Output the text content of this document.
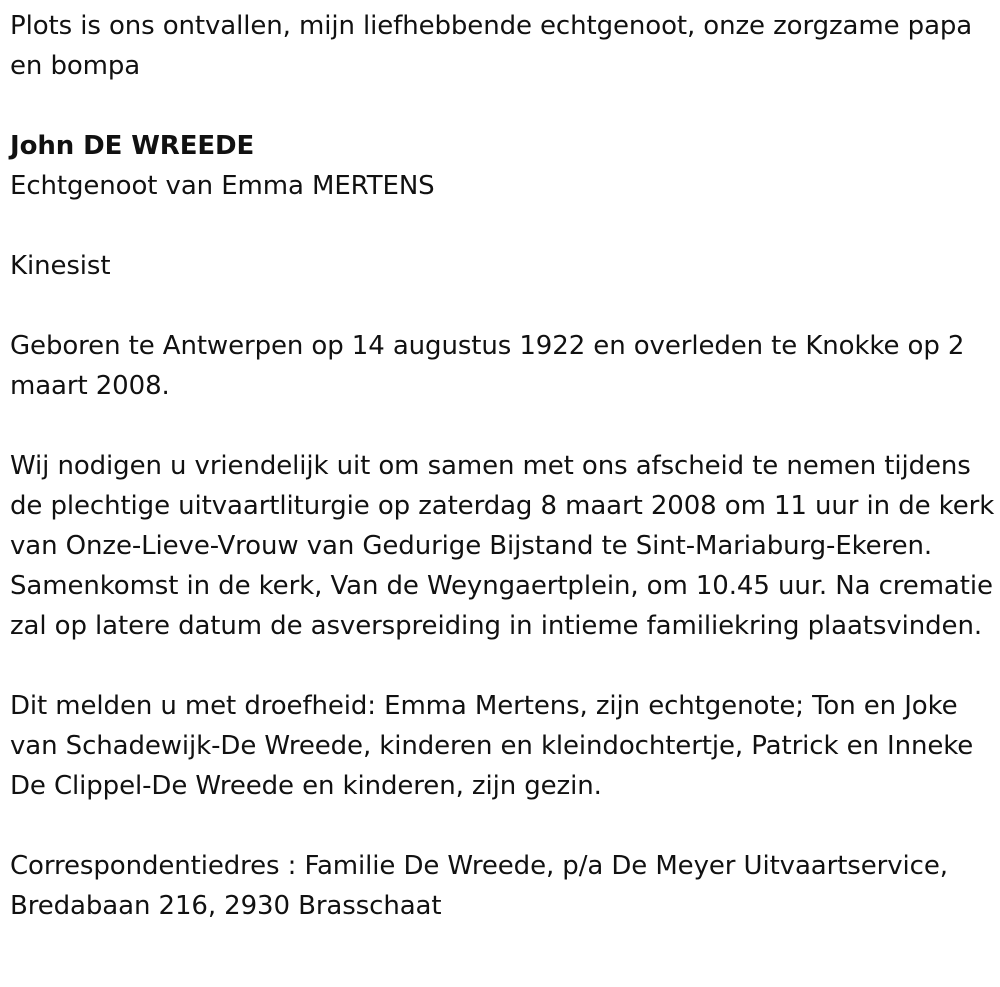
Plots is ons ontvallen, mijn liefhebbende echtgenoot, onze zorgzame papa en bompa

John DE WREEDE

Echtgenoot van Emma MERTENS

Kinesist

Geboren te Antwerpen op 14 augustus 1922 en overleden te Knokke op 2 maart 2008.

Wij nodigen u vriendelijk uit om samen met ons afscheid te nemen tijdens de plechtige uitvaartliturgie op zaterdag 8 maart 2008 om 11 uur in de kerk van Onze-Lieve-Vrouw van Gedurige Bijstand te Sint-Mariaburg-Ekeren. Samenkomst in de kerk, Van de Weyngaertplein, om 10.45 uur. Na crematie zal op latere datum de asverspreiding in intieme familiekring plaatsvinden.

Dit melden u met droefheid: Emma Mertens, zijn echtgenote; Ton en Joke van Schadewijk-De Wreede, kinderen en kleindochtertje, Patrick en Inneke De Clippel-De Wreede en kinderen, zijn gezin.

Correspondentiedres : Familie De Wreede, p/a De Meyer Uitvaartservice, Bredabaan 216, 2930 Brasschaat
